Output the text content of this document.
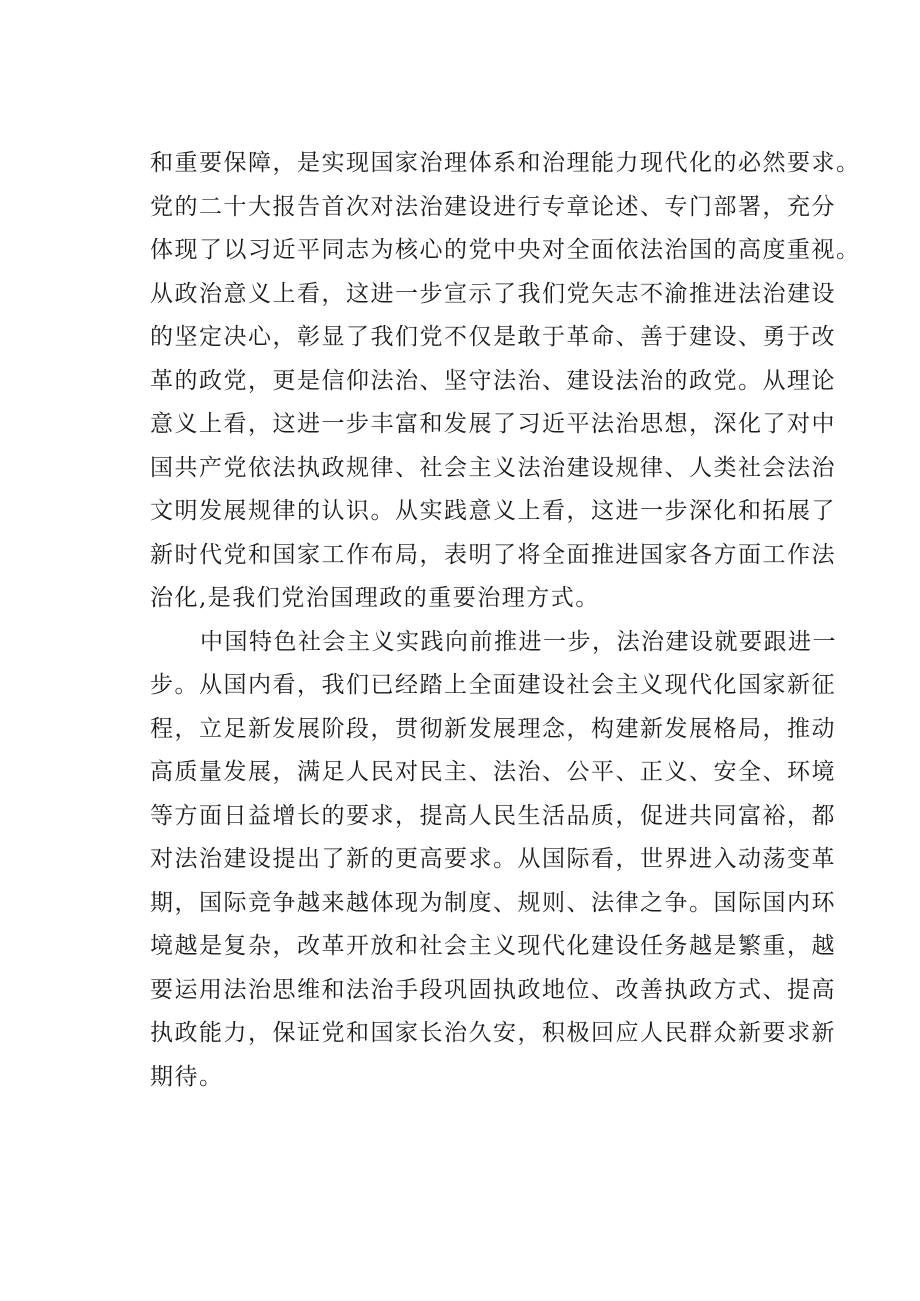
和重要保障，是实现国家治理体系和治理能力现代化的必然要求。
党的二十大报告首次对法治建设进行专章论述、专门部署，充分
体现了以习近平同志为核心的党中央对全面依法治国的高度重视。
从政治意义上看，这进一步宣示了我们党矢志不渝推进法治建设
的坚定决心，彰显了我们党不仅是敢于革命、善于建设、勇于改
革的政党，更是信仰法治、坚守法治、建设法治的政党。从理论
意义上看，这进一步丰富和发展了习近平法治思想，深化了对中
国共产党依法执政规律、社会主义法治建设规律、人类社会法治
文明发展规律的认识。从实践意义上看，这进一步深化和拓展了
新时代党和国家工作布局，表明了将全面推进国家各方面工作法
治化,是我们党治国理政的重要治理方式。
中国特色社会主义实践向前推进一步，法治建设就要跟进一
步。从国内看，我们已经踏上全面建设社会主义现代化国家新征
程，立足新发展阶段，贯彻新发展理念，构建新发展格局，推动
高质量发展，满足人民对民主、法治、公平、正义、安全、环境
等方面日益增长的要求，提高人民生活品质，促进共同富裕，都
对法治建设提出了新的更高要求。从国际看，世界进入动荡变革
期，国际竞争越来越体现为制度、规则、法律之争。国际国内环
境越是复杂，改革开放和社会主义现代化建设任务越是繁重，越
要运用法治思维和法治手段巩固执政地位、改善执政方式、提高
执政能力，保证党和国家长治久安，积极回应人民群众新要求新
期待。
